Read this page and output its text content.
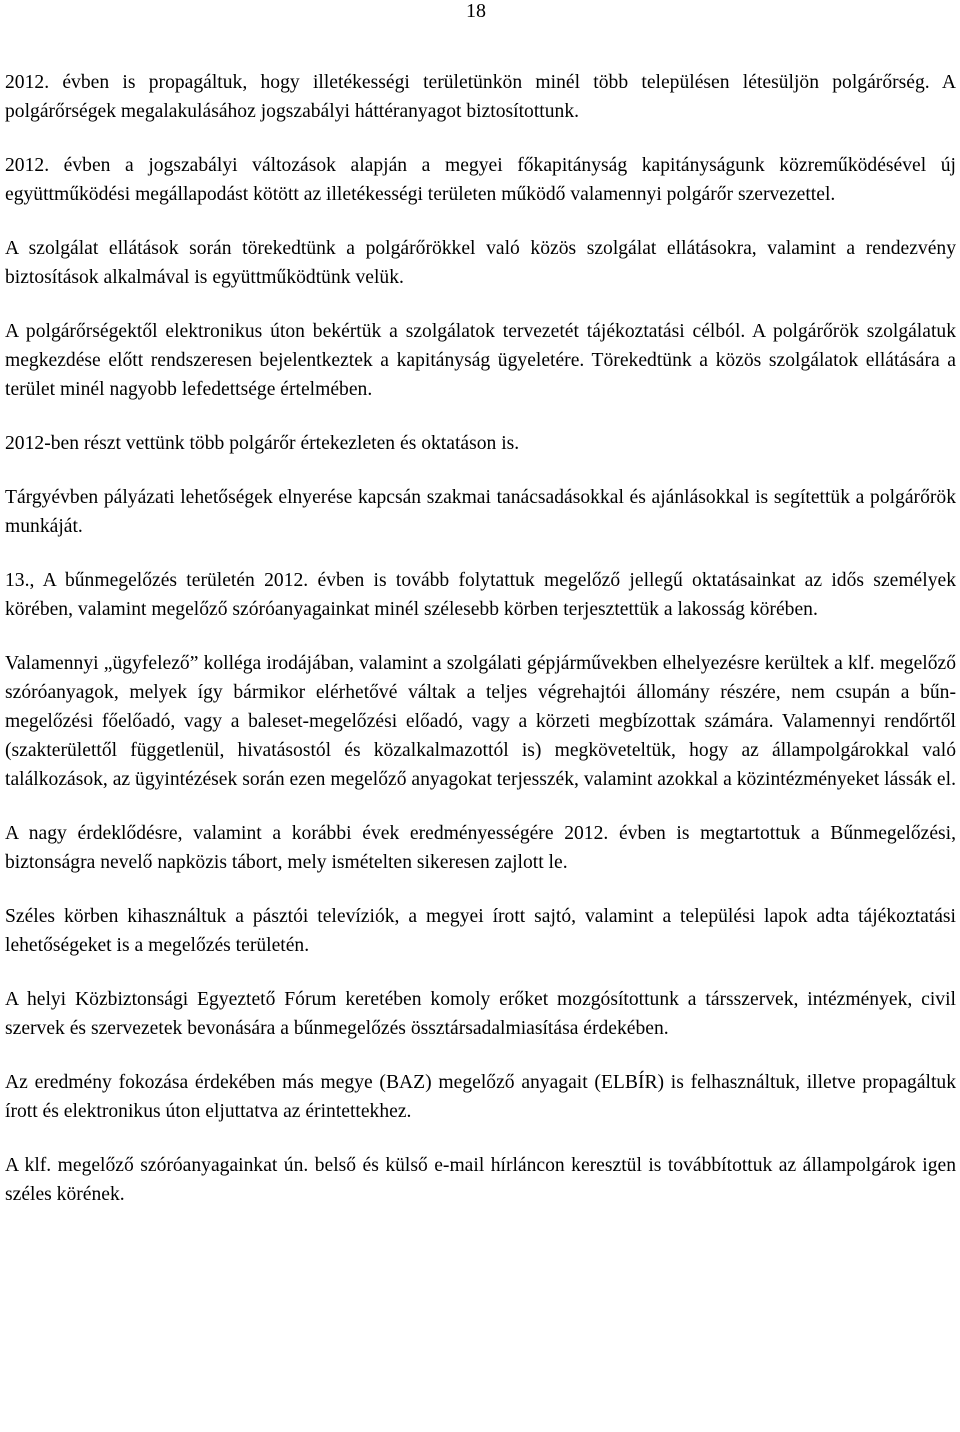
18

2012. évben is propagáltuk, hogy illetékességi területünkön minél több településen létesüljön polgárőrség. A polgárőrségek megalakulásához jogszabályi háttéranyagot biztosítottunk.

2012. évben a jogszabályi változások alapján a megyei főkapitányság kapitányságunk közreműködésével új együttműködési megállapodást kötött az illetékességi területen működő valamennyi polgárőr szervezettel.

A szolgálat ellátások során törekedtünk a polgárőrökkel való közös szolgálat ellátásokra, valamint a rendezvény biztosítások alkalmával is együttműködtünk velük.

A polgárőrségektől elektronikus úton bekértük a szolgálatok tervezetét tájékoztatási célból. A polgárőrök szolgálatuk megkezdése előtt rendszeresen bejelentkeztek a kapitányság ügyeletére. Törekedtünk a közös szolgálatok ellátására a terület minél nagyobb lefedettsége értelmében.

2012-ben részt vettünk több polgárőr értekezleten és oktatáson is.

Tárgyévben pályázati lehetőségek elnyerése kapcsán szakmai tanácsadásokkal és ajánlásokkal is segítettük a polgárőrök munkáját.

13., A bűnmegelőzés területén 2012. évben is tovább folytattuk megelőző jellegű oktatásainkat az idős személyek körében, valamint megelőző szóróanyagainkat minél szélesebb körben terjesztettük a lakosság körében.

Valamennyi „ügyfelező” kolléga irodájában, valamint a szolgálati gépjárművekben elhelyezésre kerültek a klf. megelőző szóróanyagok, melyek így bármikor elérhetővé váltak a teljes végrehajtói állomány részére, nem csupán a bűn-megelőzési főelőadó, vagy a baleset-megelőzési előadó, vagy a körzeti megbízottak számára. Valamennyi rendőrtől (szakterülettől függetlenül, hivatásostól és közalkalmazottól is) megköveteltük, hogy az állampolgárokkal való találkozások, az ügyintézések során ezen megelőző anyagokat terjesszék, valamint azokkal a közintézményeket lássák el.

A nagy érdeklődésre, valamint a korábbi évek eredményességére 2012. évben is megtartottuk a Bűnmegelőzési, biztonságra nevelő napközis tábort, mely ismételten sikeresen zajlott le.

Széles körben kihasználtuk a pásztói televíziók, a megyei írott sajtó, valamint a települési lapok adta tájékoztatási lehetőségeket is a megelőzés területén.

A helyi Közbiztonsági Egyeztető Fórum keretében komoly erőket mozgósítottunk a társszervek, intézmények, civil szervek és szervezetek bevonására a bűnmegelőzés össztársadalmiasítása érdekében.

Az eredmény fokozása érdekében más megye (BAZ) megelőző anyagait (ELBÍR) is felhasználtuk, illetve propagáltuk írott és elektronikus úton eljuttatva az érintettekhez.

A klf. megelőző szóróanyagainkat ún. belső és külső e-mail hírláncon keresztül is továbbítottuk az állampolgárok igen széles körének.
